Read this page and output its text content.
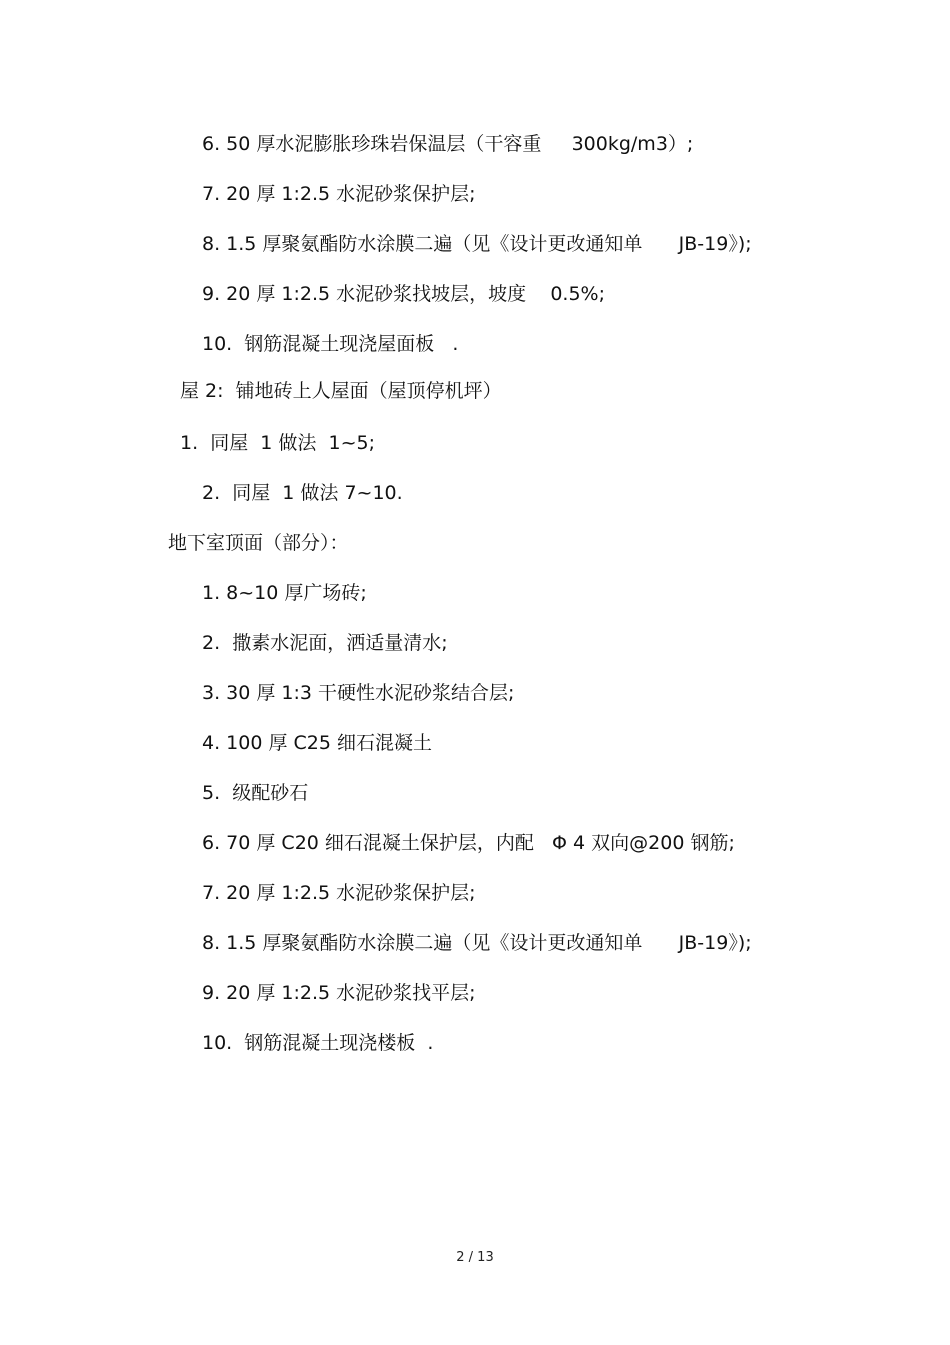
6. 50 厚水泥膨胀珍珠岩保温层（干容重     300kg/m3）;
7. 20 厚 1:2.5 水泥砂浆保护层;
8. 1.5 厚聚氨酯防水涂膜二遍（见《设计更改通知单      JB-19》);
9. 20 厚 1:2.5 水泥砂浆找坡层，坡度    0.5%;
10.  钢筋混凝土现浇屋面板   .
屋 2:  铺地砖上人屋面（屋顶停机坪）
1.  同屋  1 做法  1~5;
2.  同屋  1 做法 7~10.
地下室顶面（部分）：
1. 8~10 厚广场砖;
2.  撒素水泥面，洒适量清水;
3. 30 厚 1:3 干硬性水泥砂浆结合层;
4. 100 厚 C25 细石混凝土
5.  级配砂石
6. 70 厚 C20 细石混凝土保护层，内配   Φ 4 双向@200 钢筋;
7. 20 厚 1:2.5 水泥砂浆保护层;
8. 1.5 厚聚氨酯防水涂膜二遍（见《设计更改通知单      JB-19》);
9. 20 厚 1:2.5 水泥砂浆找平层;
10.  钢筋混凝土现浇楼板  .
2 / 13
